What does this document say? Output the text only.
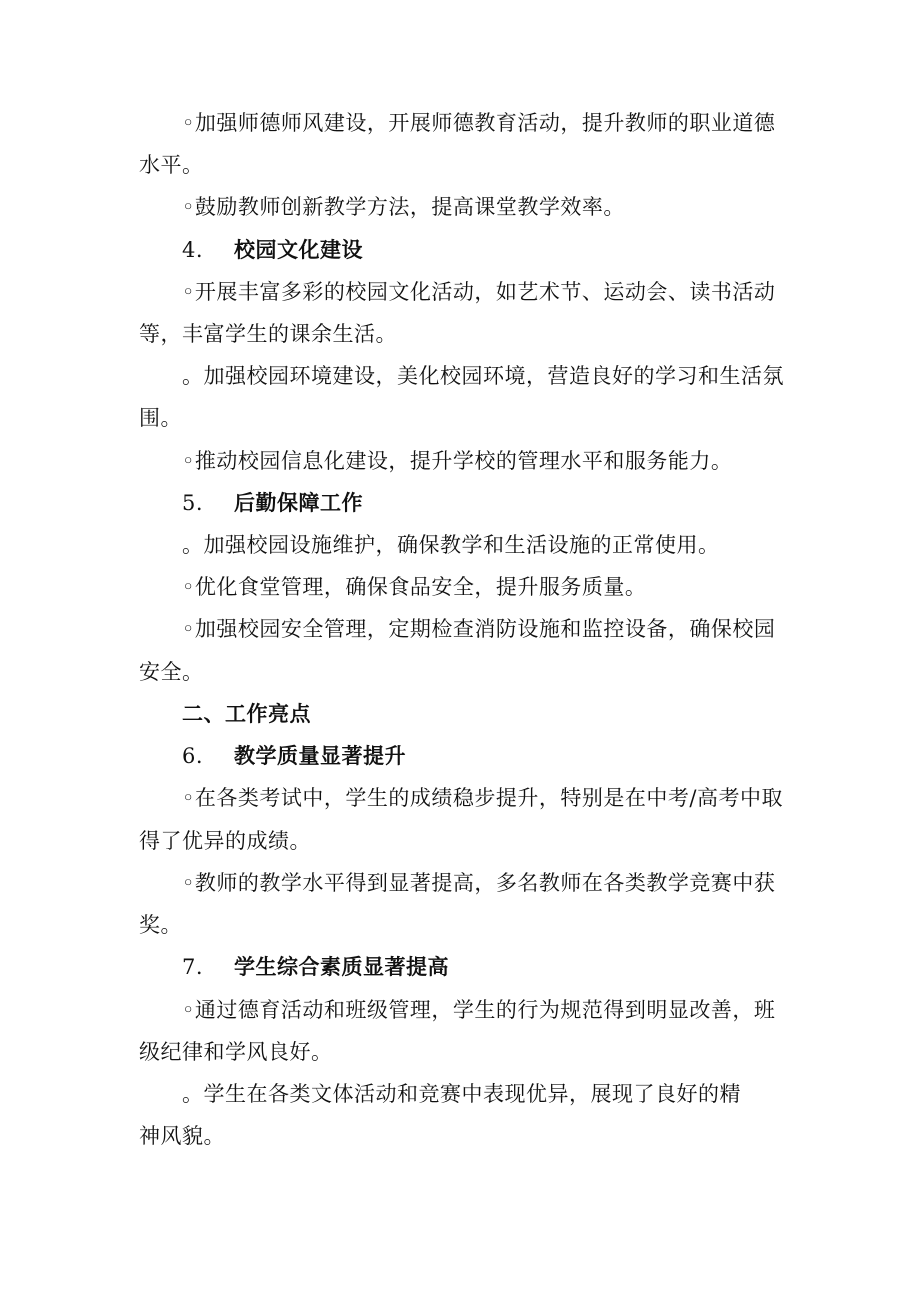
◦加强师德师风建设，开展师德教育活动，提升教师的职业道德
水平。
◦鼓励教师创新教学方法，提高课堂教学效率。
4. 校园文化建设
◦开展丰富多彩的校园文化活动，如艺术节、运动会、读书活动
等，丰富学生的课余生活。
。加强校园环境建设，美化校园环境，营造良好的学习和生活氛
围。
◦推动校园信息化建设，提升学校的管理水平和服务能力。
5. 后勤保障工作
。加强校园设施维护，确保教学和生活设施的正常使用。
◦优化食堂管理，确保食品安全，提升服务质量。
◦加强校园安全管理，定期检查消防设施和监控设备，确保校园
安全。
二、工作亮点
6. 教学质量显著提升
◦在各类考试中，学生的成绩稳步提升，特别是在中考/高考中取
得了优异的成绩。
◦教师的教学水平得到显著提高，多名教师在各类教学竞赛中获
奖。
7. 学生综合素质显著提高
◦通过德育活动和班级管理，学生的行为规范得到明显改善，班
级纪律和学风良好。
。学生在各类文体活动和竞赛中表现优异，展现了良好的精
神风貌。
